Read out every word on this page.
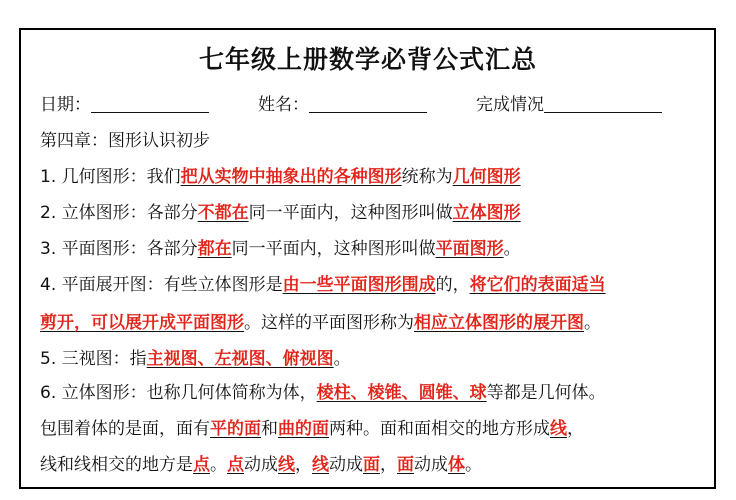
七年级上册数学必背公式汇总
日期：	姓名：	完成情况
第四章：图形认识初步
1. 几何图形：我们把从实物中抽象出的各种图形统称为几何图形
2. 立体图形：各部分不都在同一平面内，这种图形叫做立体图形
3. 平面图形：各部分都在同一平面内，这种图形叫做平面图形。
4. 平面展开图：有些立体图形是由一些平面图形围成的，将它们的表面适当
剪开，可以展开成平面图形。这样的平面图形称为相应立体图形的展开图。
5. 三视图：指主视图、左视图、俯视图。
6. 立体图形：也称几何体简称为体，棱柱、棱锥、圆锥、球等都是几何体。
包围着体的是面，面有平的面和曲的面两种。面和面相交的地方形成线，
线和线相交的地方是点。点动成线，线动成面，面动成体。
